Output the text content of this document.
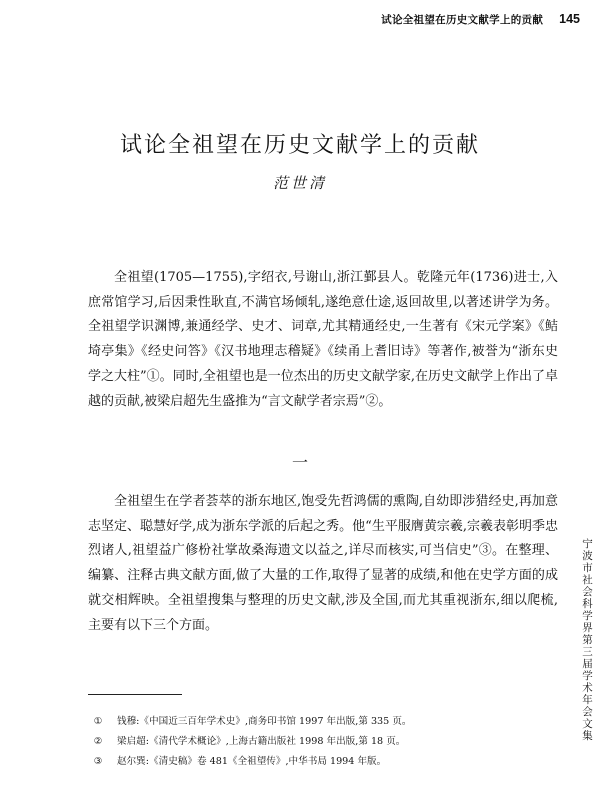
试论全祖望在历史文献学上的贡献 145
试论全祖望在历史文献学上的贡献
范世清

全祖望(1705—1755),字绍衣,号谢山,浙江鄞县人。乾隆元年(1736)进士,入庶常馆学习,后因秉性耿直,不满官场倾轧,遂绝意仕途,返回故里,以著述讲学为务。全祖望学识渊博,兼通经学、史才、词章,尤其精通经史,一生著有《宋元学案》《鲒埼亭集》《经史问答》《汉书地理志稽疑》《续甬上耆旧诗》等著作,被誉为“浙东史学之大柱”①。同时,全祖望也是一位杰出的历史文献学家,在历史文献学上作出了卓越的贡献,被梁启超先生盛推为“言文献学者宗焉”②。

一

全祖望生在学者荟萃的浙东地区,饱受先哲鸿儒的熏陶,自幼即涉猎经史,再加意志坚定、聪慧好学,成为浙东学派的后起之秀。他“生平服膺黄宗羲,宗羲表彰明季忠烈诸人,祖望益广修枌社掌故桑海遗文以益之,详尽而核实,可当信史”③。在整理、编纂、注释古典文献方面,做了大量的工作,取得了显著的成绩,和他在史学方面的成就交相辉映。全祖望搜集与整理的历史文献,涉及全国,而尤其重视浙东,细以爬梳,主要有以下三个方面。

① 钱穆:《中国近三百年学术史》,商务印书馆 1997 年出版,第 335 页。
② 梁启超:《清代学术概论》,上海古籍出版社 1998 年出版,第 18 页。
③ 赵尔巽:《清史稿》卷 481《全祖望传》,中华书局 1994 年版。
宁波市社会科学界第三届学术年会文集
